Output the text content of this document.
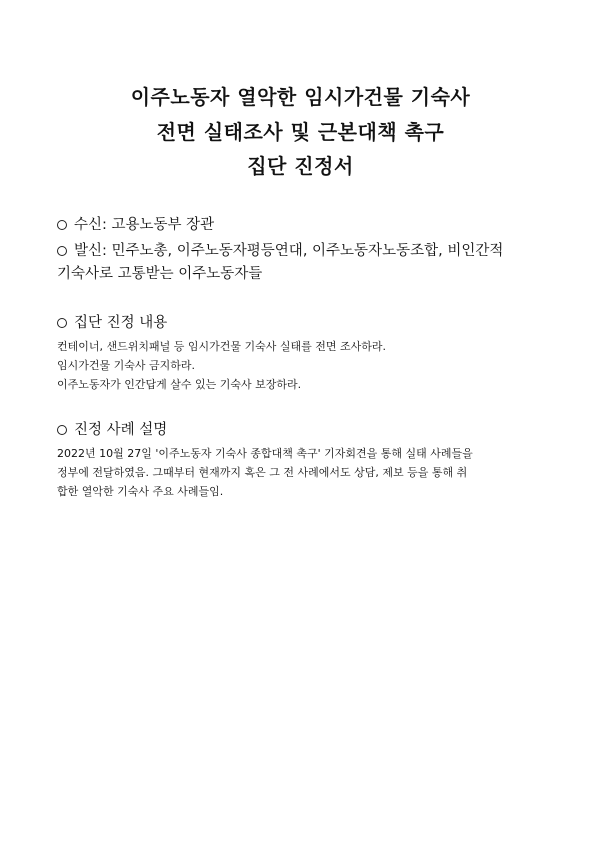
이주노동자 열악한 임시가건물 기숙사
전면 실태조사 및 근본대책 촉구
집단 진정서
수신: 고용노동부 장관
발신: 민주노총, 이주노동자평등연대, 이주노동자노동조합, 비인간적
기숙사로 고통받는 이주노동자들
집단 진정 내용
컨테이너, 샌드위치패널 등 임시가건물 기숙사 실태를 전면 조사하라.
임시가건물 기숙사 금지하라.
이주노동자가 인간답게 살수 있는 기숙사 보장하라.
진정 사례 설명
2022년 10월 27일 '이주노동자 기숙사 종합대책 촉구' 기자회견을 통해 실태 사례들을
정부에 전달하였음. 그때부터 현재까지 혹은 그 전 사례에서도 상담, 제보 등을 통해 취
합한 열악한 기숙사 주요 사례들임.
